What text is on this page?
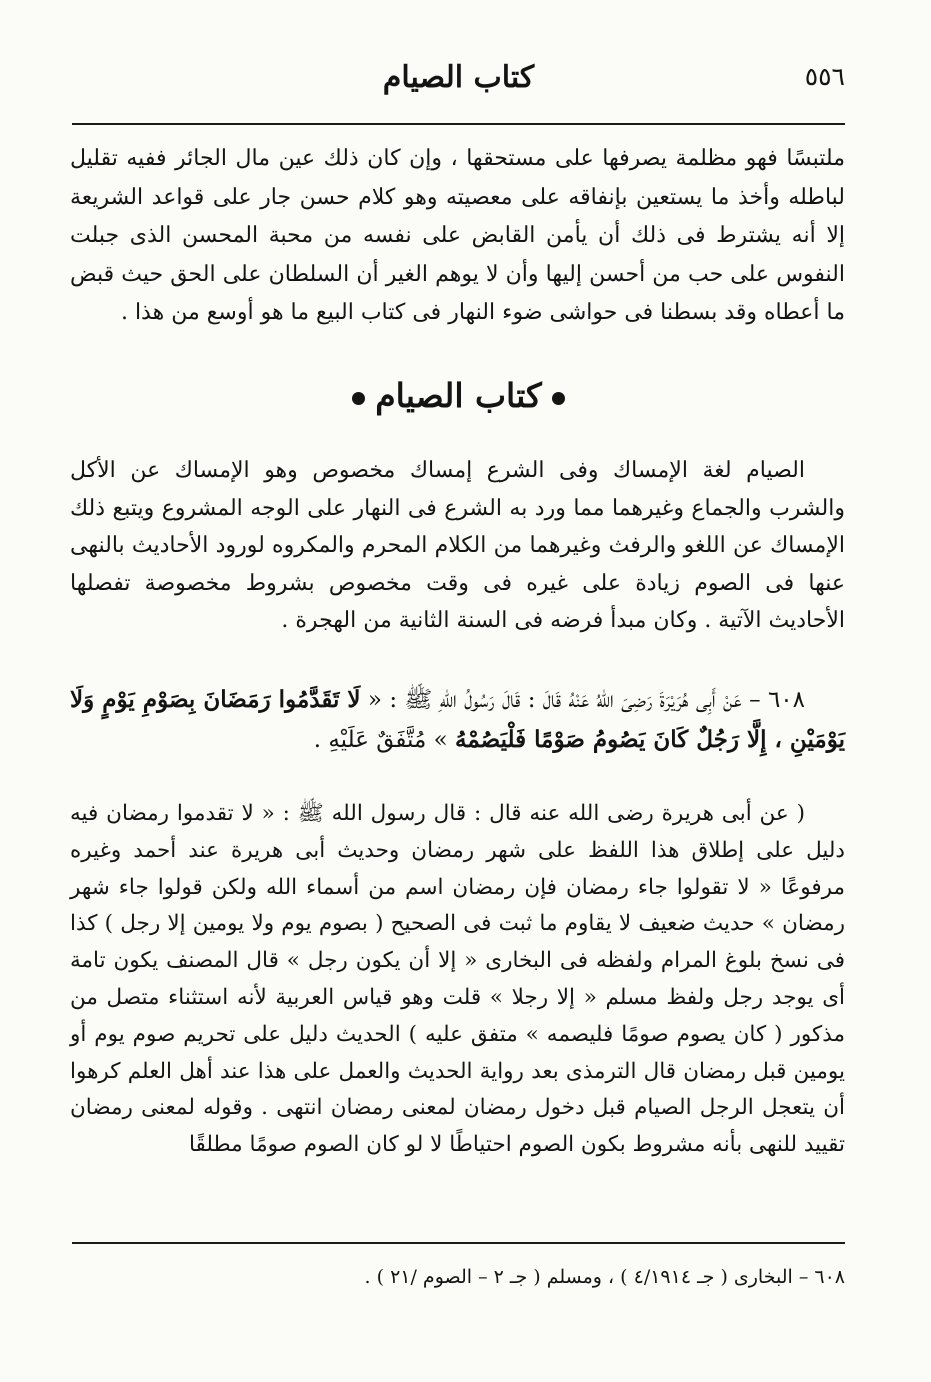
٥٥٦
كتاب الصيام
ملتبسًا فهو مظلمة يصرفها على مستحقها ، وإن كان ذلك عين مال الجائر ففيه تقليل لباطله وأخذ ما يستعين بإنفاقه على معصيته وهو كلام حسن جار على قواعد الشريعة إلا أنه يشترط فى ذلك أن يأمن القابض على نفسه من محبة المحسن الذى جبلت النفوس على حب من أحسن إليها وأن لا يوهم الغير أن السلطان على الحق حيث قبض ما أعطاه وقد بسطنا فى حواشى ضوء النهار فى كتاب البيع ما هو أوسع من هذا .
كتاب الصيام
الصيام لغة الإمساك وفى الشرع إمساك مخصوص وهو الإمساك عن الأكل والشرب والجماع وغيرهما مما ورد به الشرع فى النهار على الوجه المشروع ويتبع ذلك الإمساك عن اللغو والرفث وغيرهما من الكلام المحرم والمكروه لورود الأحاديث بالنهى عنها فى الصوم زيادة على غيره فى وقت مخصوص بشروط مخصوصة تفصلها الأحاديث الآتية . وكان مبدأ فرضه فى السنة الثانية من الهجرة .
٦٠٨ – عَنْ أَبِى هُرَيْرَةَ رَضِىَ اللهُ عَنْهُ قَالَ : قَالَ رَسُولُ اللهِ ﷺ : « لَا تَقَدَّمُوا رَمَضَانَ بِصَوْمِ يَوْمٍ وَلَا يَوْمَيْنِ ، إِلَّا رَجُلٌ كَانَ يَصُومُ صَوْمًا فَلْيَصُمْهُ » مُتَّفَقٌ عَلَيْهِ .
( عن أبى هريرة رضى الله عنه قال : قال رسول الله ﷺ : « لا تقدموا رمضان فيه دليل على إطلاق هذا اللفظ على شهر رمضان وحديث أبى هريرة عند أحمد وغيره مرفوعًا « لا تقولوا جاء رمضان فإن رمضان اسم من أسماء الله ولكن قولوا جاء شهر رمضان » حديث ضعيف لا يقاوم ما ثبت فى الصحيح ( بصوم يوم ولا يومين إلا رجل ) كذا فى نسخ بلوغ المرام ولفظه فى البخارى « إلا أن يكون رجل » قال المصنف يكون تامة أى يوجد رجل ولفظ مسلم « إلا رجلا » قلت وهو قياس العربية لأنه استثناء متصل من مذكور ( كان يصوم صومًا فليصمه » متفق عليه ) الحديث دليل على تحريم صوم يوم أو يومين قبل رمضان قال الترمذى بعد رواية الحديث والعمل على هذا عند أهل العلم كرهوا أن يتعجل الرجل الصيام قبل دخول رمضان لمعنى رمضان انتهى . وقوله لمعنى رمضان تقييد للنهى بأنه مشروط بكون الصوم احتياطًا لا لو كان الصوم صومًا مطلقًا
٦٠٨ – البخارى ( جـ ٤/١٩١٤ ) ، ومسلم ( جـ ٢ – الصوم /٢١ ) .
